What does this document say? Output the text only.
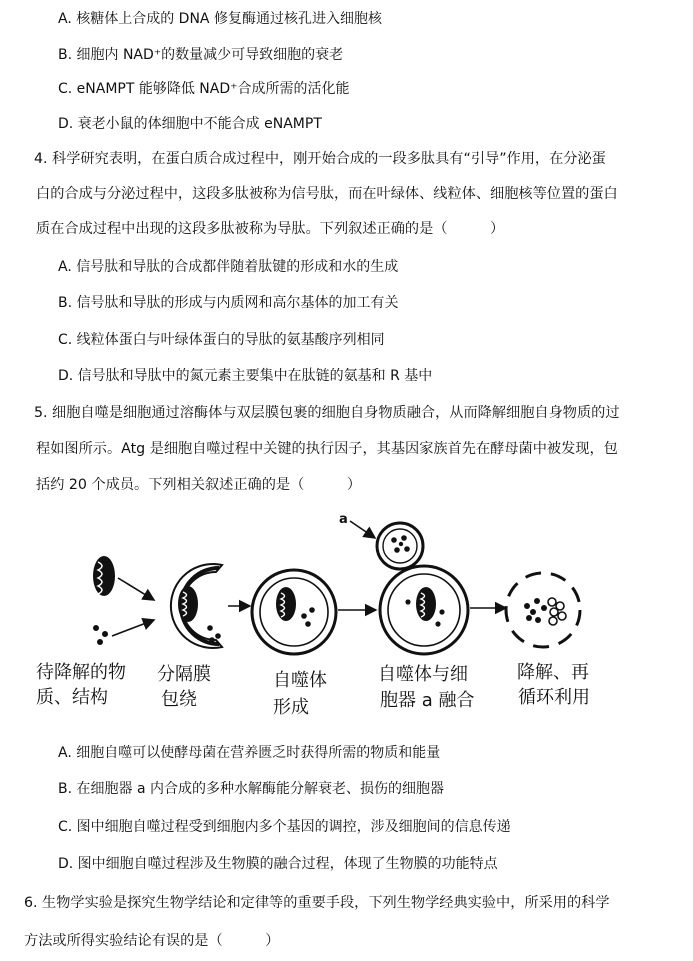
A. 核糖体上合成的 DNA 修复酶通过核孔进入细胞核
B. 细胞内 NAD⁺的数量减少可导致细胞的衰老
C. eNAMPT 能够降低 NAD⁺合成所需的活化能
D. 衰老小鼠的体细胞中不能合成 eNAMPT
4. 科学研究表明，在蛋白质合成过程中，刚开始合成的一段多肽具有“引导”作用，在分泌蛋
白的合成与分泌过程中，这段多肽被称为信号肽，而在叶绿体、线粒体、细胞核等位置的蛋白
质在合成过程中出现的这段多肽被称为导肽。下列叙述正确的是（　　　）
A. 信号肽和导肽的合成都伴随着肽键的形成和水的生成
B. 信号肽和导肽的形成与内质网和高尔基体的加工有关
C. 线粒体蛋白与叶绿体蛋白的导肽的氨基酸序列相同
D. 信号肽和导肽中的氮元素主要集中在肽链的氨基和 R 基中
5. 细胞自噬是细胞通过溶酶体与双层膜包裹的细胞自身物质融合，从而降解细胞自身物质的过
程如图所示。Atg 是细胞自噬过程中关键的执行因子，其基因家族首先在酵母菌中被发现，包
括约 20 个成员。下列相关叙述正确的是（　　　）
a
待降解的物
质、结构
分隔膜
包绕
自噬体
形成
自噬体与细
胞器 a 融合
降解、再
循环利用
A. 细胞自噬可以使酵母菌在营养匮乏时获得所需的物质和能量
B. 在细胞器 a 内合成的多种水解酶能分解衰老、损伤的细胞器
C. 图中细胞自噬过程受到细胞内多个基因的调控，涉及细胞间的信息传递
D. 图中细胞自噬过程涉及生物膜的融合过程，体现了生物膜的功能特点
6. 生物学实验是探究生物学结论和定律等的重要手段，下列生物学经典实验中，所采用的科学
方法或所得实验结论有误的是（　　　）
